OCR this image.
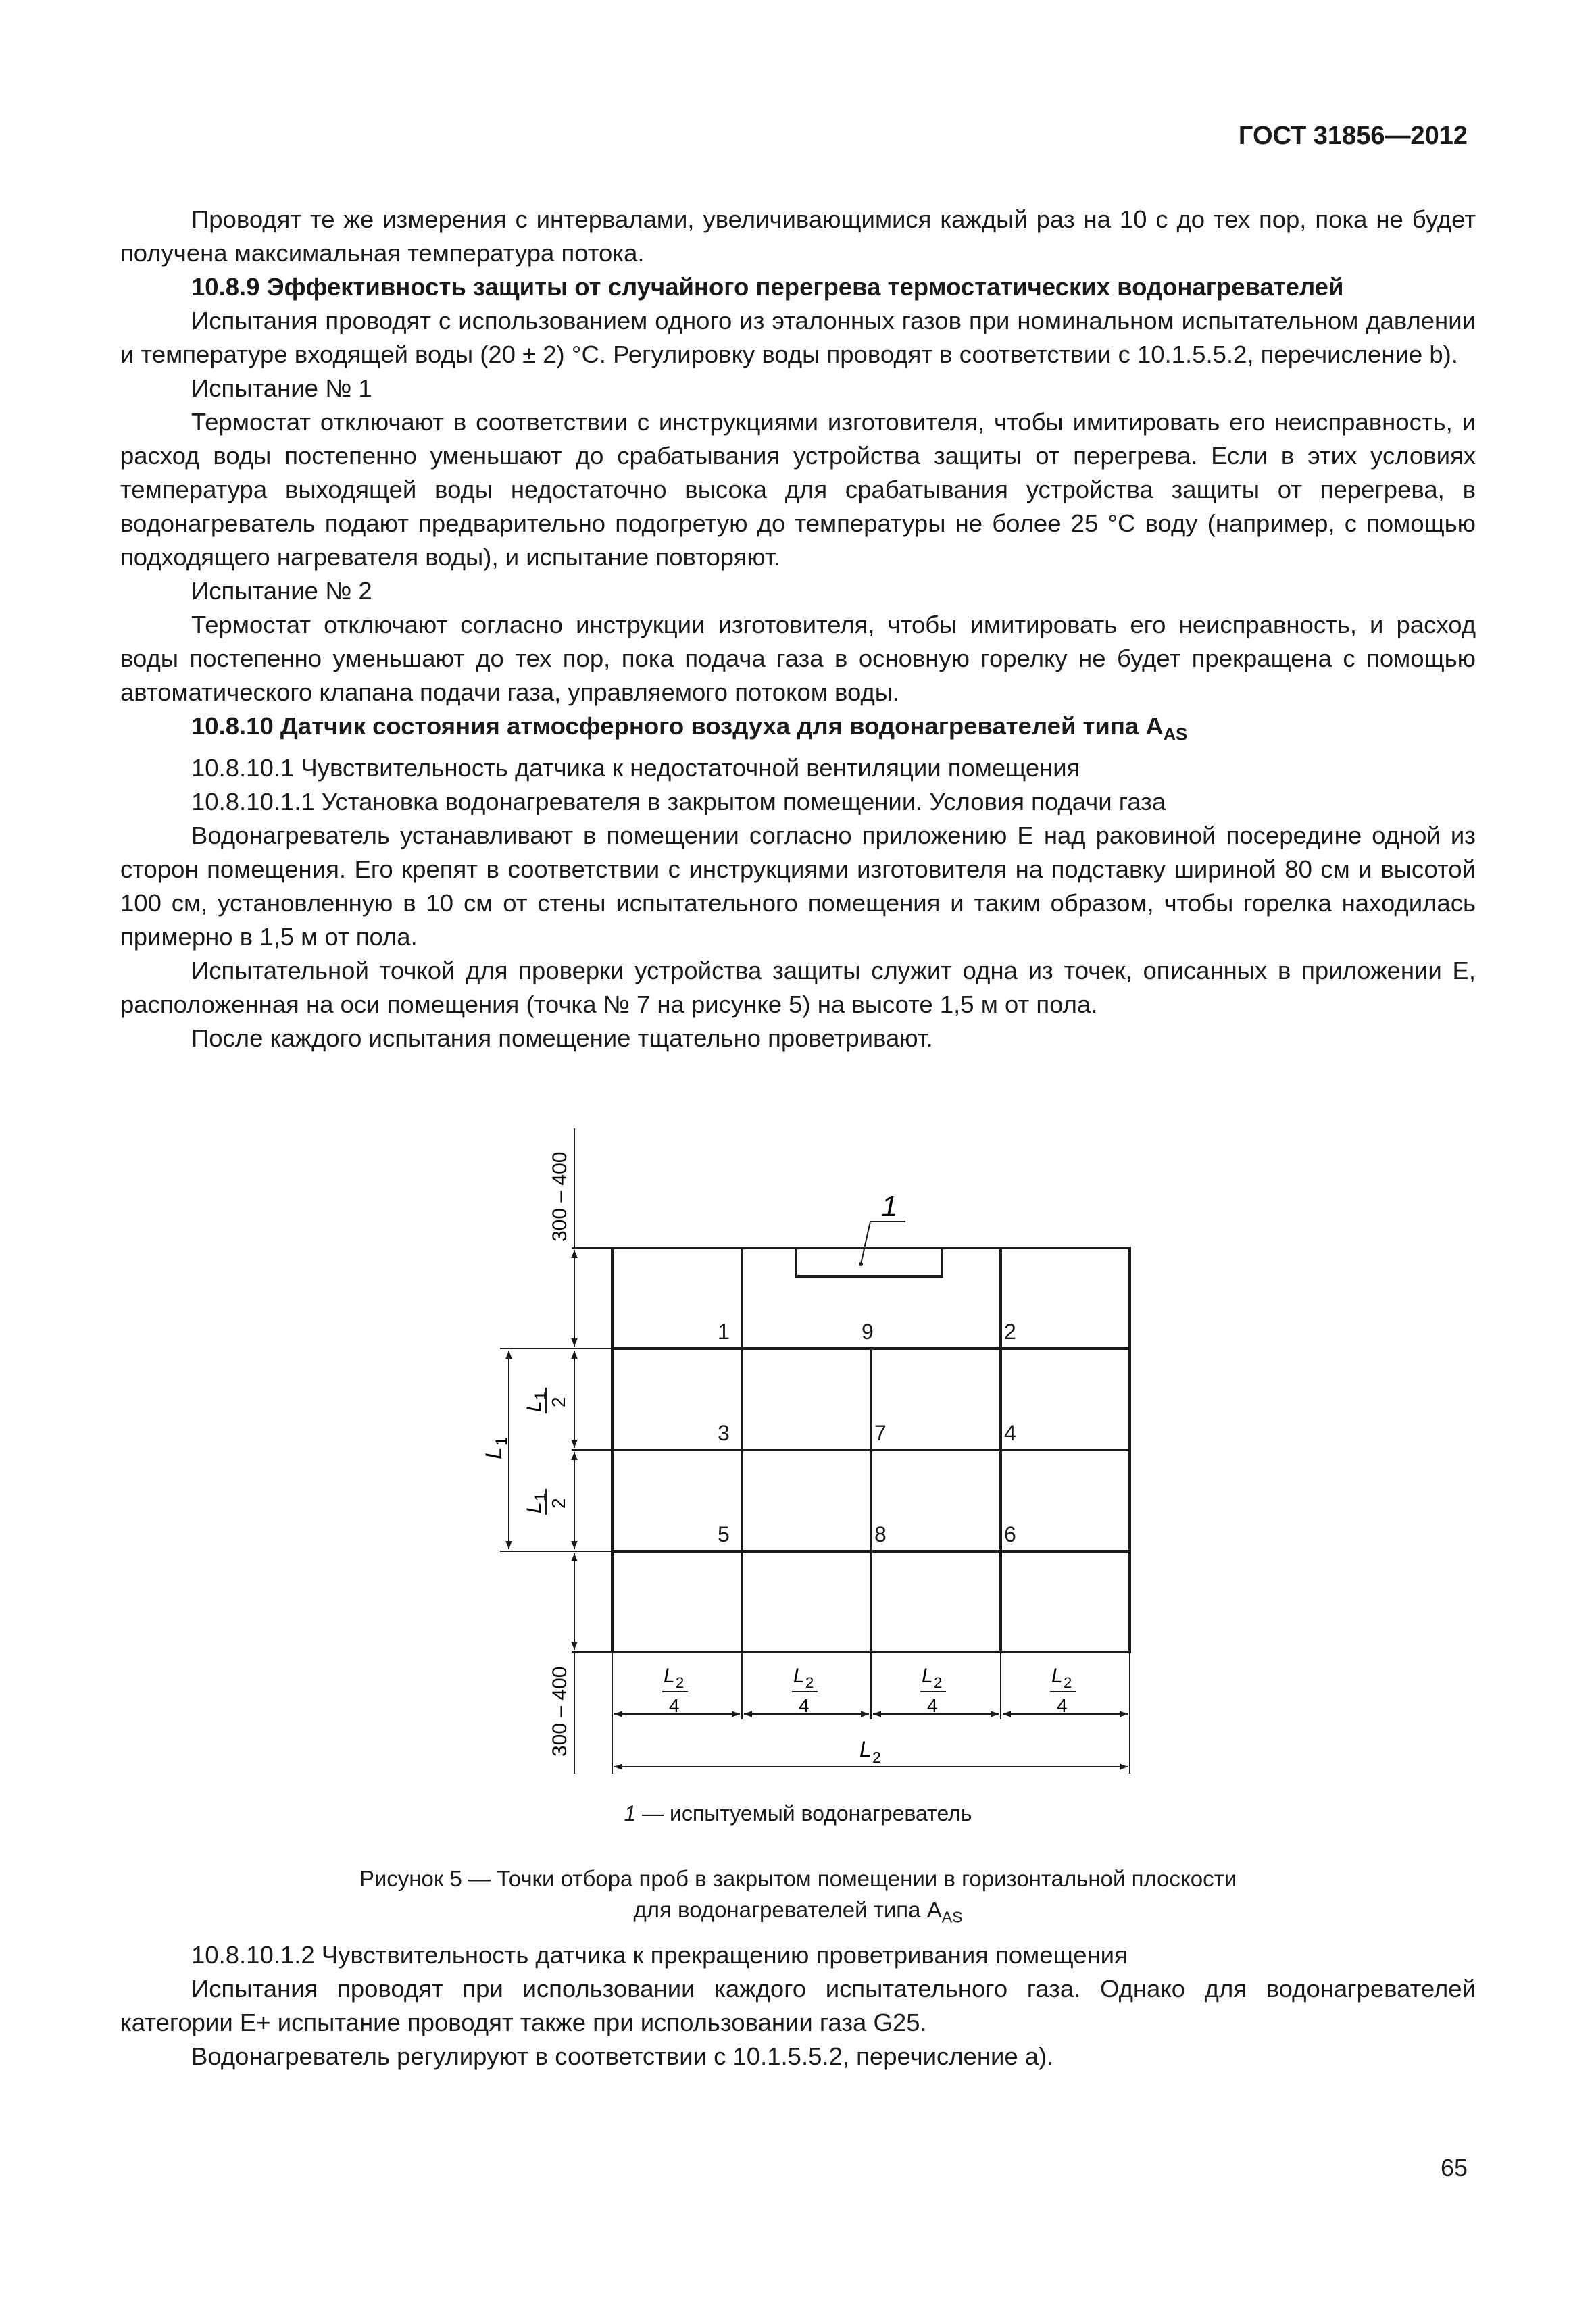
ГОСТ 31856—2012

Проводят те же измерения с интервалами, увеличивающимися каждый раз на 10 с до тех пор, пока не будет получена максимальная температура потока.

10.8.9 Эффективность защиты от случайного перегрева термостатических водонагревателей

Испытания проводят с использованием одного из эталонных газов при номинальном испытательном давлении и температуре входящей воды (20 ± 2) °С. Регулировку воды проводят в соответствии с 10.1.5.5.2, перечисление b).

Испытание № 1

Термостат отключают в соответствии с инструкциями изготовителя, чтобы имитировать его неисправность, и расход воды постепенно уменьшают до срабатывания устройства защиты от перегрева. Если в этих условиях температура выходящей воды недостаточно высока для срабатывания устройства защиты от перегрева, в водонагреватель подают предварительно подогретую до температуры не более 25 °С воду (например, с помощью подходящего нагревателя воды), и испытание повторяют.

Испытание № 2

Термостат отключают согласно инструкции изготовителя, чтобы имитировать его неисправность, и расход воды постепенно уменьшают до тех пор, пока подача газа в основную горелку не будет прекращена с помощью автоматического клапана подачи газа, управляемого потоком воды.

10.8.10 Датчик состояния атмосферного воздуха для водонагревателей типа $A_{AS}$

10.8.10.1 Чувствительность датчика к недостаточной вентиляции помещения

10.8.10.1.1 Установка водонагревателя в закрытом помещении. Условия подачи газа

Водонагреватель устанавливают в помещении согласно приложению Е над раковиной посередине одной из сторон помещения. Его крепят в соответствии с инструкциями изготовителя на подставку шириной 80 см и высотой 100 см, установленную в 10 см от стены испытательного помещения и таким образом, чтобы горелка находилась примерно в 1,5 м от пола.

Испытательной точкой для проверки устройства защиты служит одна из точек, описанных в приложении Е, расположенная на оси помещения (точка № 7 на рисунке 5) на высоте 1,5 м от пола.

После каждого испытания помещение тщательно проветривают.

1
1	9	2
3	7	4
5	8	6
300 – 400
300 – 400
L
1
L
1
2
L
1
2
L 2
4
L 2
4
L 2
4
L 2
4
L 2
1 — испытуемый водонагреватель
Рисунок 5 — Точки отбора проб в закрытом помещении в горизонтальной плоскости
для водонагревателей типа $A_{AS}$

10.8.10.1.2 Чувствительность датчика к прекращению проветривания помещения

Испытания проводят при использовании каждого испытательного газа. Однако для водонагревателей категории Е+ испытание проводят также при использовании газа G25.

Водонагреватель регулируют в соответствии с 10.1.5.5.2, перечисление а).

65
